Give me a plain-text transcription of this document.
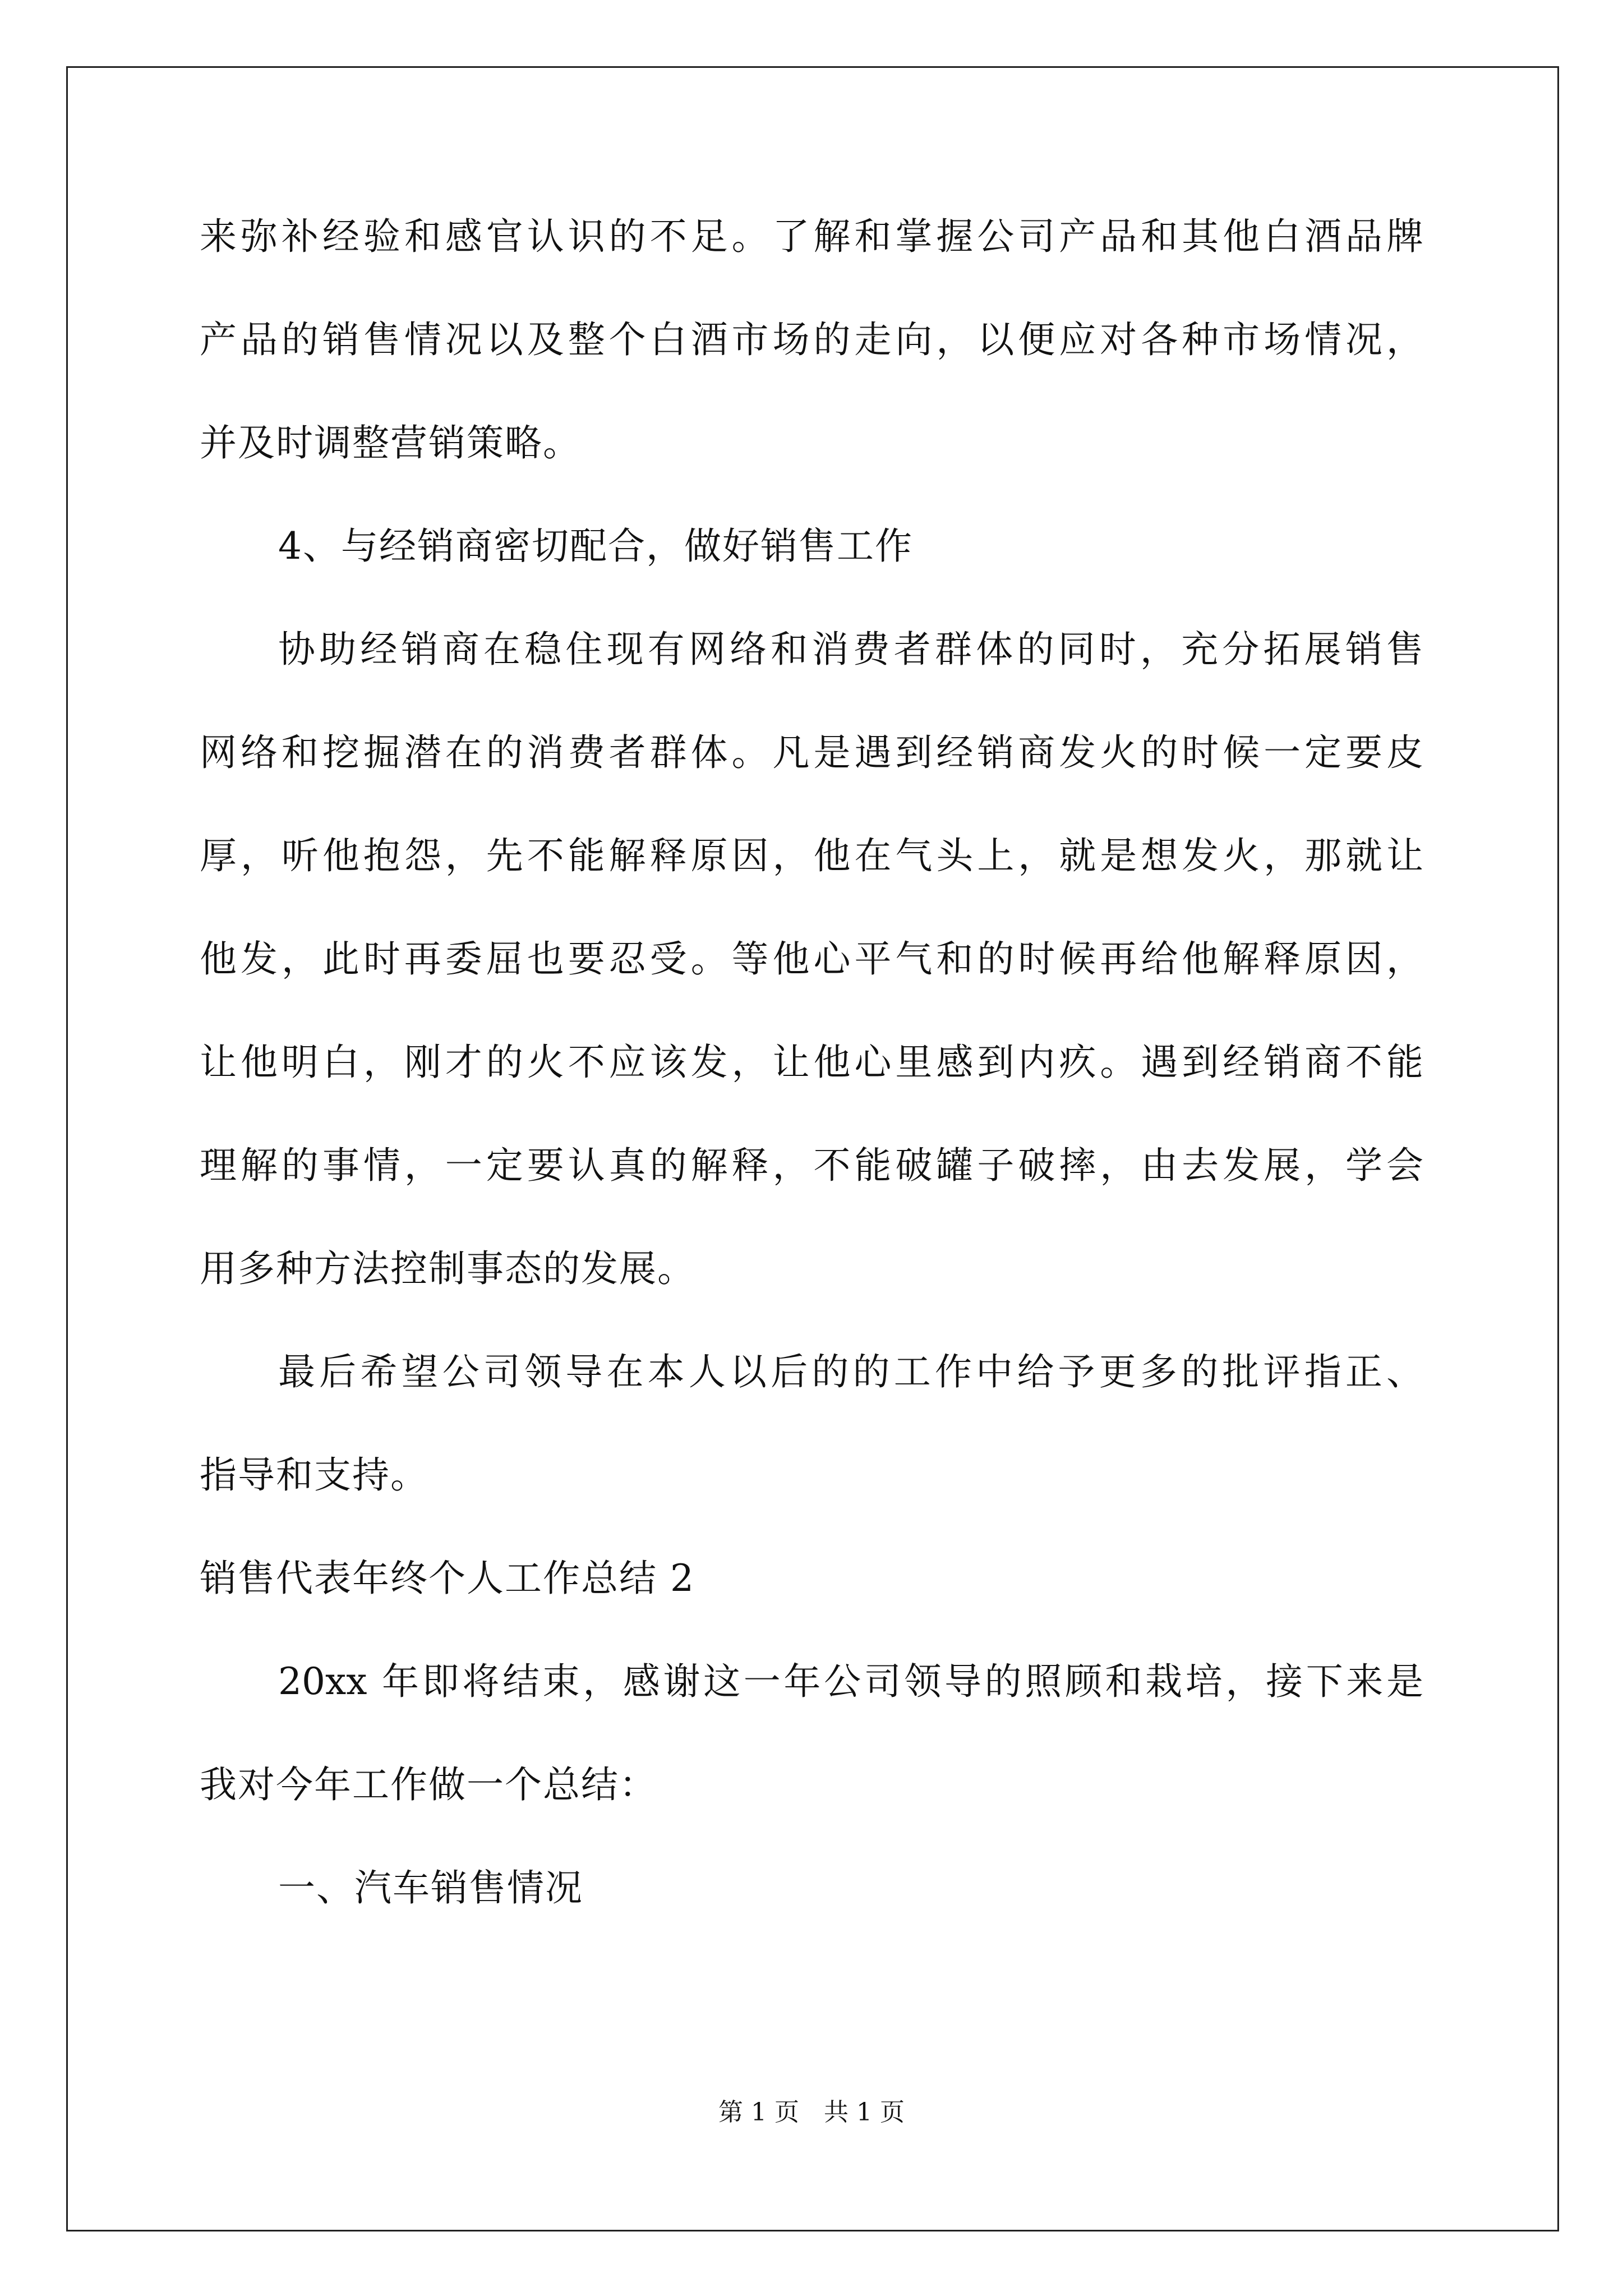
来弥补经验和感官认识的不足。了解和掌握公司产品和其他白酒品牌
产品的销售情况以及整个白酒市场的走向，以便应对各种市场情况，
并及时调整营销策略。
4、与经销商密切配合，做好销售工作
协助经销商在稳住现有网络和消费者群体的同时，充分拓展销售
网络和挖掘潜在的消费者群体。凡是遇到经销商发火的时候一定要皮
厚，听他抱怨，先不能解释原因，他在气头上，就是想发火，那就让
他发，此时再委屈也要忍受。等他心平气和的时候再给他解释原因，
让他明白，刚才的火不应该发，让他心里感到内疚。遇到经销商不能
理解的事情，一定要认真的解释，不能破罐子破摔，由去发展，学会
用多种方法控制事态的发展。
最后希望公司领导在本人以后的的工作中给予更多的批评指正、
指导和支持。
销售代表年终个人工作总结 2
20xx 年即将结束，感谢这一年公司领导的照顾和栽培，接下来是
我对今年工作做一个总结：
一、汽车销售情况
第 1 页　共 1 页
